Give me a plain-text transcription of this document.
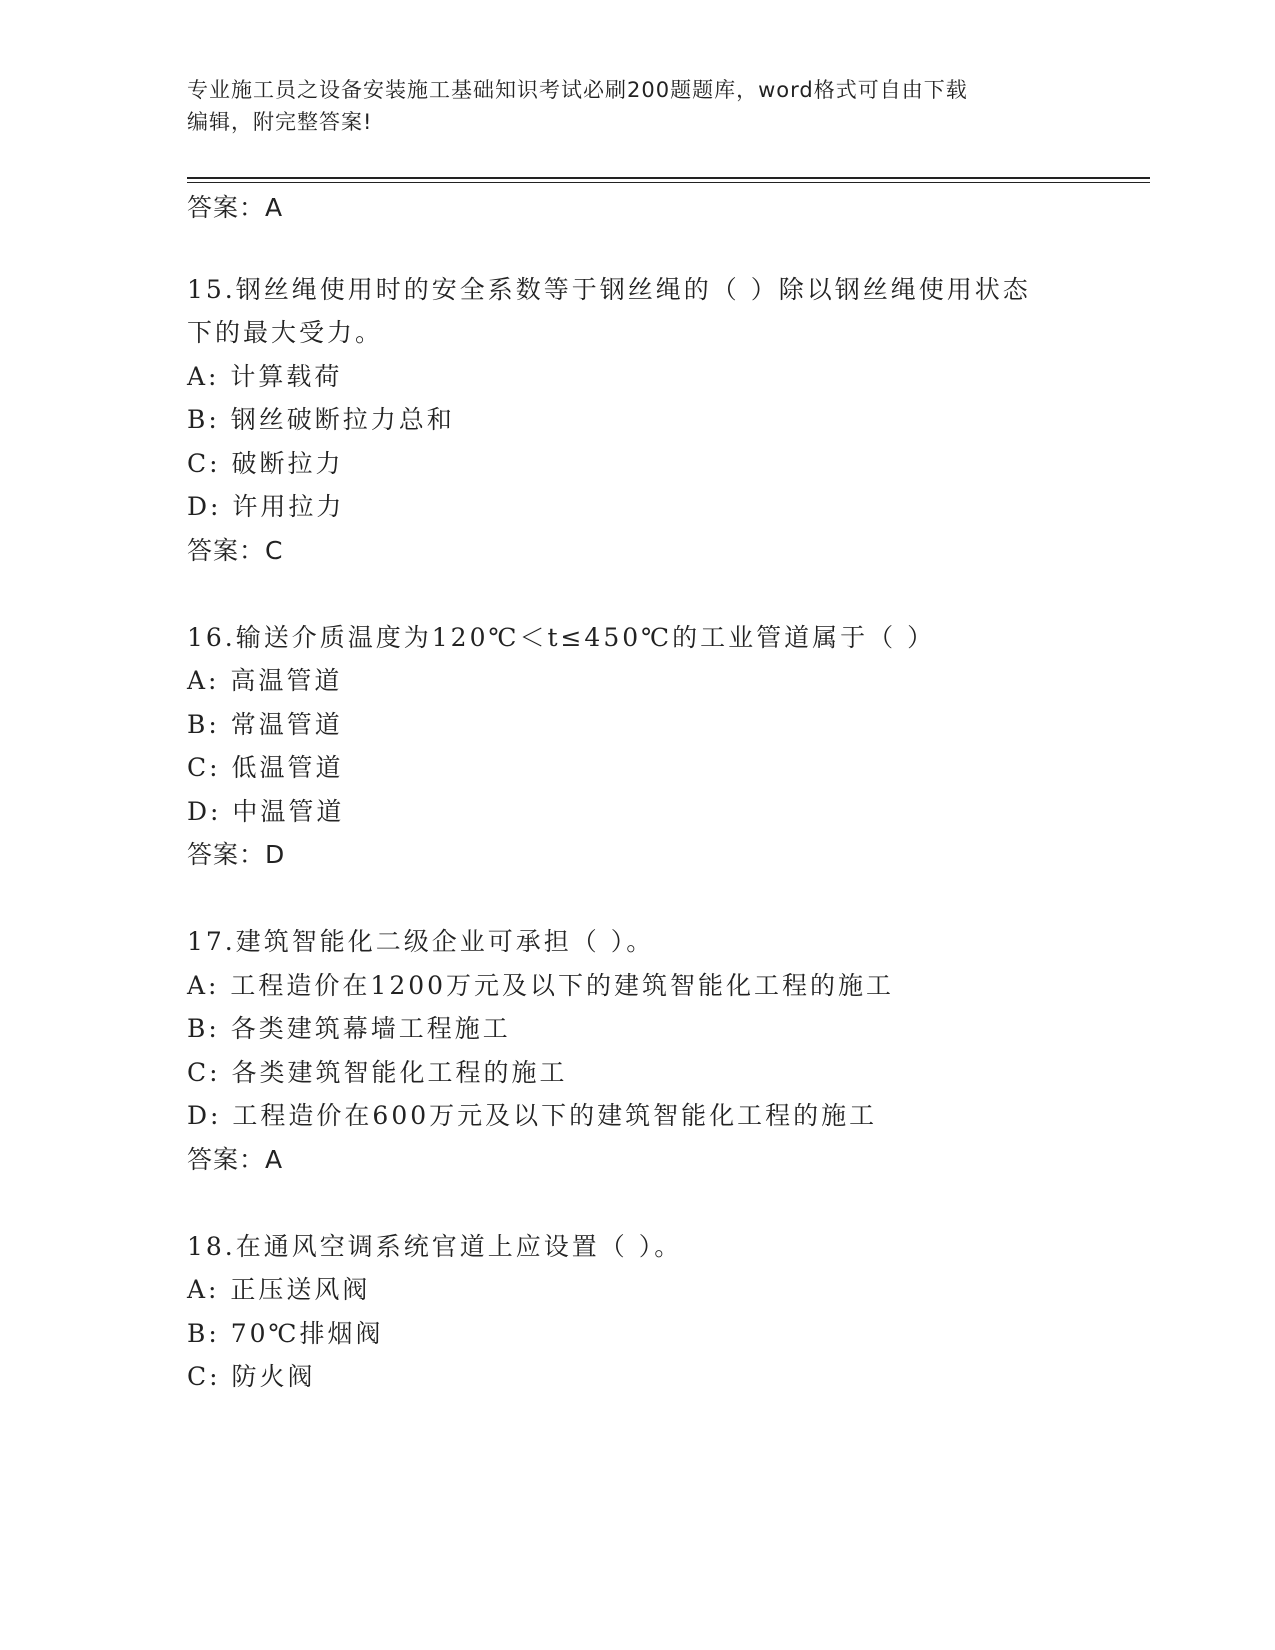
专业施工员之设备安装施工基础知识考试必刷200题题库，word格式可自由下载
编辑，附完整答案!
答案：A
15.钢丝绳使用时的安全系数等于钢丝绳的（ ）除以钢丝绳使用状态
下的最大受力。
A: 计算载荷
B: 钢丝破断拉力总和
C: 破断拉力
D: 许用拉力
答案：C
16.输送介质温度为120℃＜t≤450℃的工业管道属于（ ）
A: 高温管道
B: 常温管道
C: 低温管道
D: 中温管道
答案：D
17.建筑智能化二级企业可承担（ ）。
A: 工程造价在1200万元及以下的建筑智能化工程的施工
B: 各类建筑幕墙工程施工
C: 各类建筑智能化工程的施工
D: 工程造价在600万元及以下的建筑智能化工程的施工
答案：A
18.在通风空调系统官道上应设置（ ）。
A: 正压送风阀
B: 70℃排烟阀
C: 防火阀
